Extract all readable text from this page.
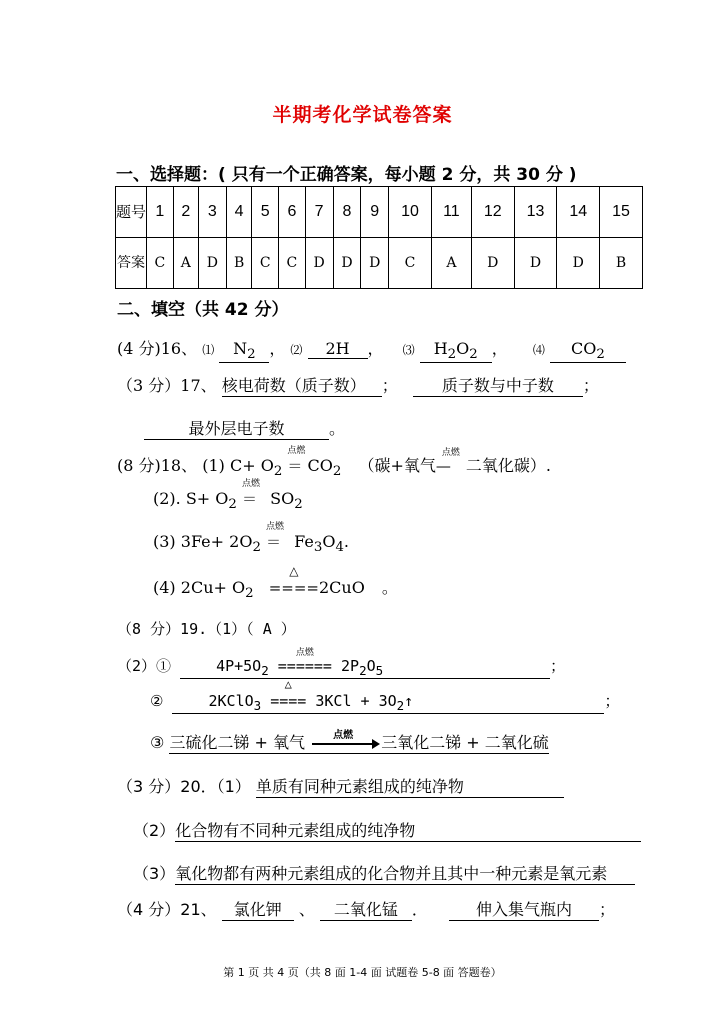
半期考化学试卷答案
一、选择题：( 只有一个正确答案，每小题 2 分，共 30 分 )
题号	1	2	3	4	5	6	7	8	9	10	11	12	13	14	15
答案	C	A	D	B	C	C	D	D	D	C	A	D	D	D	B
二、填空（共 42 分）
(4 分)16、 ⑴ $N_2$ ， ⑵ 2H ， ⑶ $H_2O_2$ ， ⑷ $CO_2$
（3 分）17、 核电荷数（质子数） ； 质子数与中子数 ；
最外层电子数	。
(8 分)18、 (1) $C+ O_2$
点燃
＝ $CO_2$ （碳+氧气
点燃
— 二氧化碳）.
(2). $S+ O_2$
点燃
＝ $SO_2$
(3) $3Fe+ 2O_2$
点燃
＝ $Fe_3O_4$.
(4) $2Cu+ O_2$
△
====2CuO 。
（8 分）19.（1）（ A ）
（2）①	$4P+5O_2$
点燃
====== $2P_2O_5$	；
②	2KClO$_3$
△
==== $3KCl + 3O_2↑$	；
③ 三硫化二锑 + 氧气	点燃	三氧化二锑 + 二氧化硫
（3 分）20．（1） 单质有同种元素组成的纯净物
（2）化合物有不同种元素组成的纯净物
（3）氧化物都有两种元素组成的化合物并且其中一种元素是氧元素
（4 分）21、 氯化钾 、 二氧化锰 ．	伸入集气瓶内 ；
第 1 页 共 4 页（共 8 面 1-4 面 试题卷 5-8 面 答题卷）
